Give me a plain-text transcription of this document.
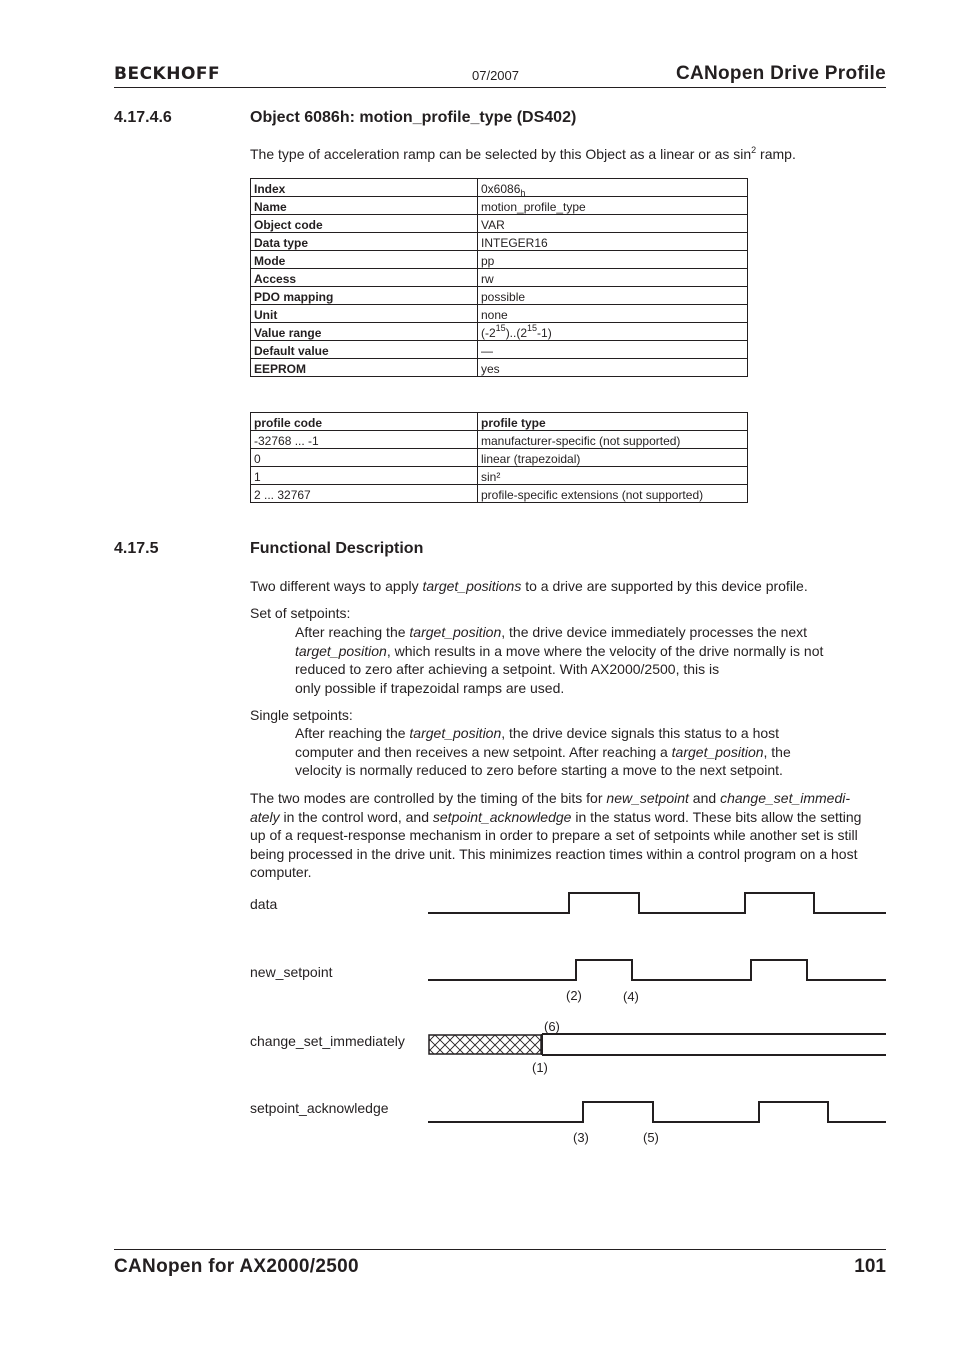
BECKHOFF	07/2007	CANopen Drive Profile
4.17.4.6	Object 6086h: motion_profile_type (DS402)
The type of acceleration ramp can be selected by this Object as a linear or as $\sin^2$ ramp.
Index	$0x6086_h$
Name	motion_profile_type
Object code	VAR
Data type	INTEGER16
Mode	pp
Access	rw
PDO mapping	possible
Unit	none
Value range	$(-2^{15})..(2^{15}-1)$
Default value	—
EEPROM	yes
profile code	profile type
-32768 ... -1	manufacturer-specific (not supported)
0	linear (trapezoidal)
1	sin²
2 ... 32767	profile-specific extensions (not supported)
4.17.5	Functional Description
Two different ways to apply target_positions to a drive are supported by this device profile.
Set of setpoints:
After reaching the target_position, the drive device immediately processes the next
target_position, which results in a move where the velocity of the drive normally is not
reduced to zero after achieving a setpoint. With AX2000/2500, this is
only possible if trapezoidal ramps are used.
Single setpoints:
After reaching the target_position, the drive device signals this status to a host
computer and then receives a new setpoint. After reaching a target_position, the
velocity is normally reduced to zero before starting a move to the next setpoint.
The two modes are controlled by the timing of the bits for new_setpoint and change_set_immedi-
ately in the control word, and setpoint_acknowledge in the status word. These bits allow the setting
up of a request-response mechanism in order to prepare a set of setpoints while another set is still
being processed in the drive unit. This minimizes reaction times within a control program on a host
computer.
data
new_setpoint
change_set_immediately
setpoint_acknowledge
(2)	(4)
(6)
(1)
(3)	(5)
CANopen for AX2000/2500	101
